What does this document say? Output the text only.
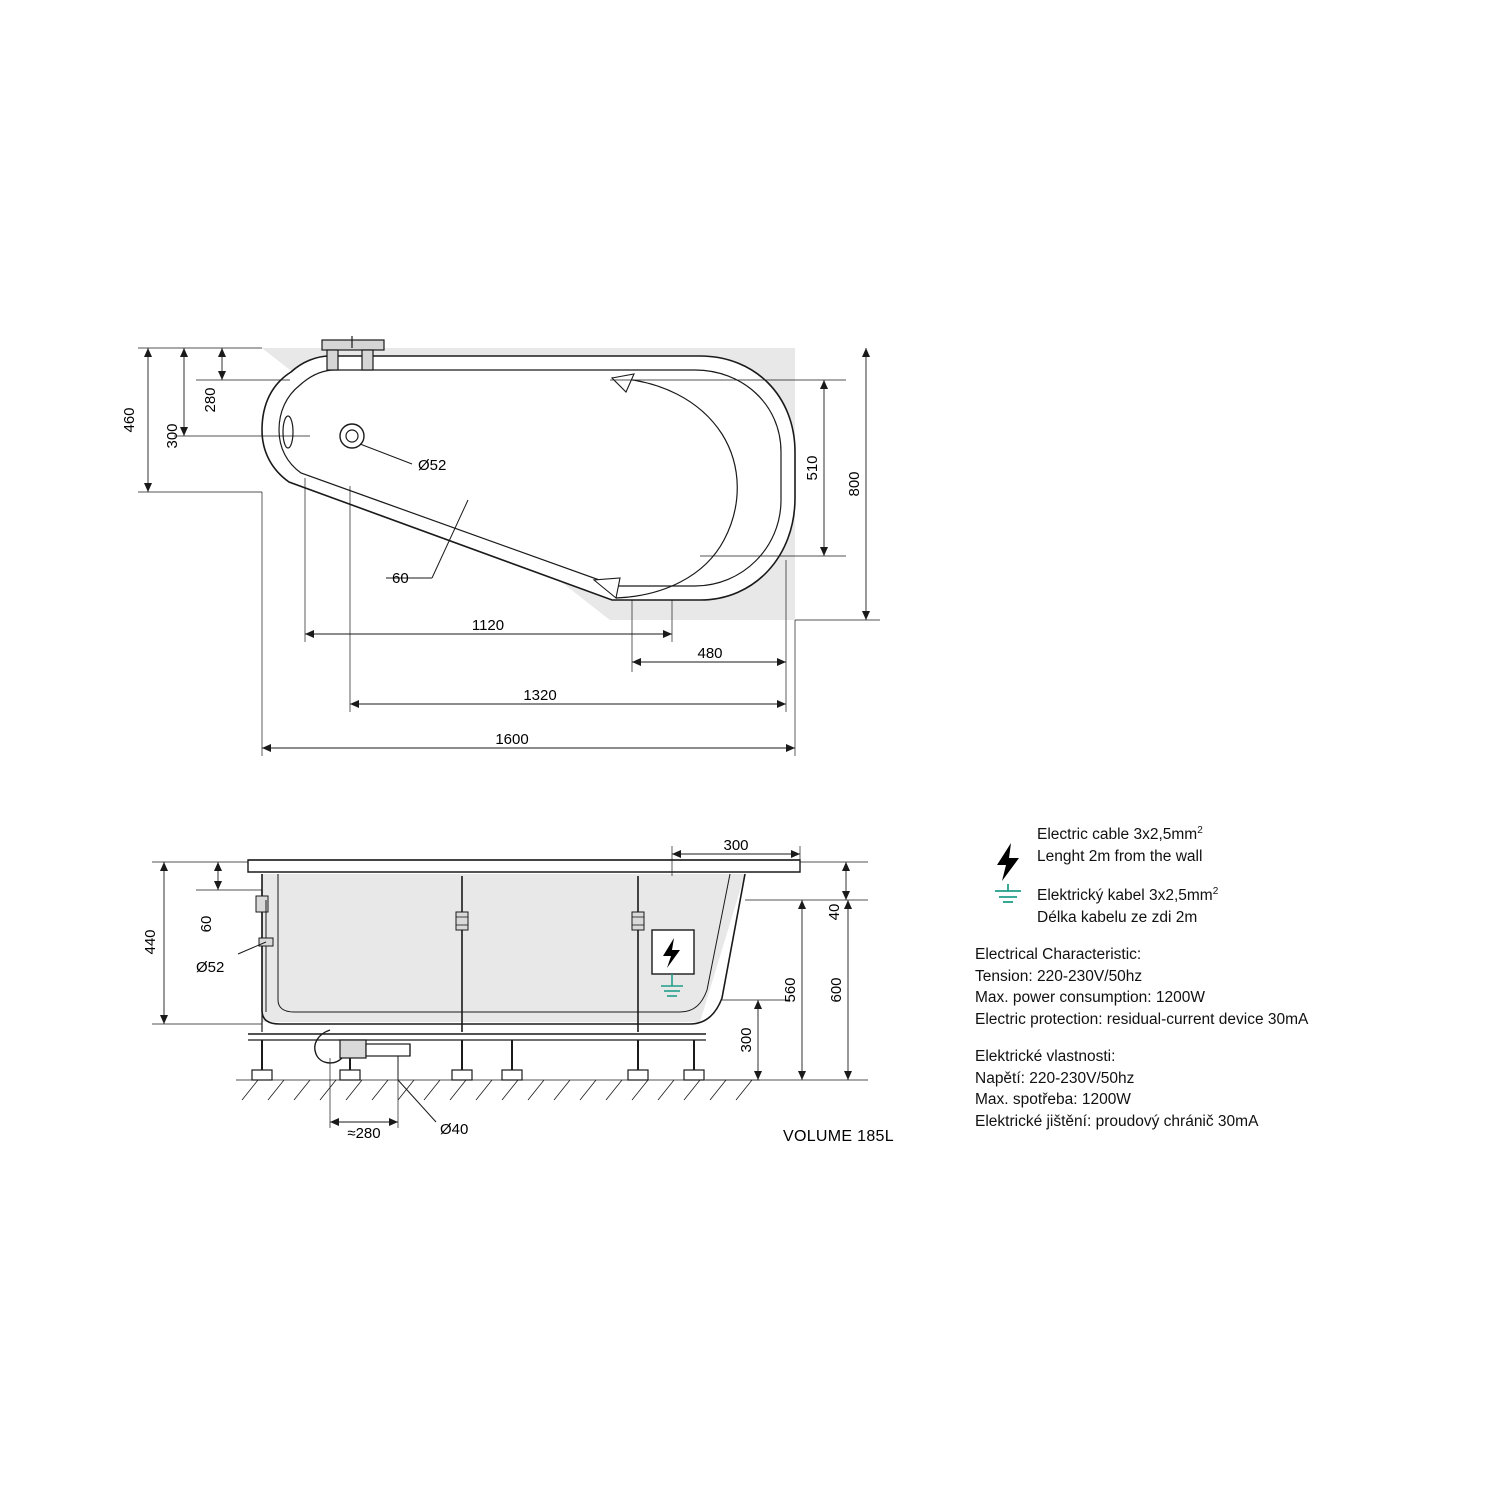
Ø52
60
460
280
300
510
800
1120
480
1320
1600
Ø40
440
60
Ø52
300
40
560 600
300
≈280	VOLUME 185L
Electric cable $3x2,5mm^2$
Lenght 2m from the wall
Elektrický kabel $3x2,5mm^2$
Délka kabelu ze zdi 2m
Electrical Characteristic:
Tension: 220-230V/50hz
Max. power consumption: 1200W
Electric protection: residual-current device 30mA
Elektrické vlastnosti:
Napětí: 220-230V/50hz
Max. spotřeba: 1200W
Elektrické jištění: proudový chránič 30mA
